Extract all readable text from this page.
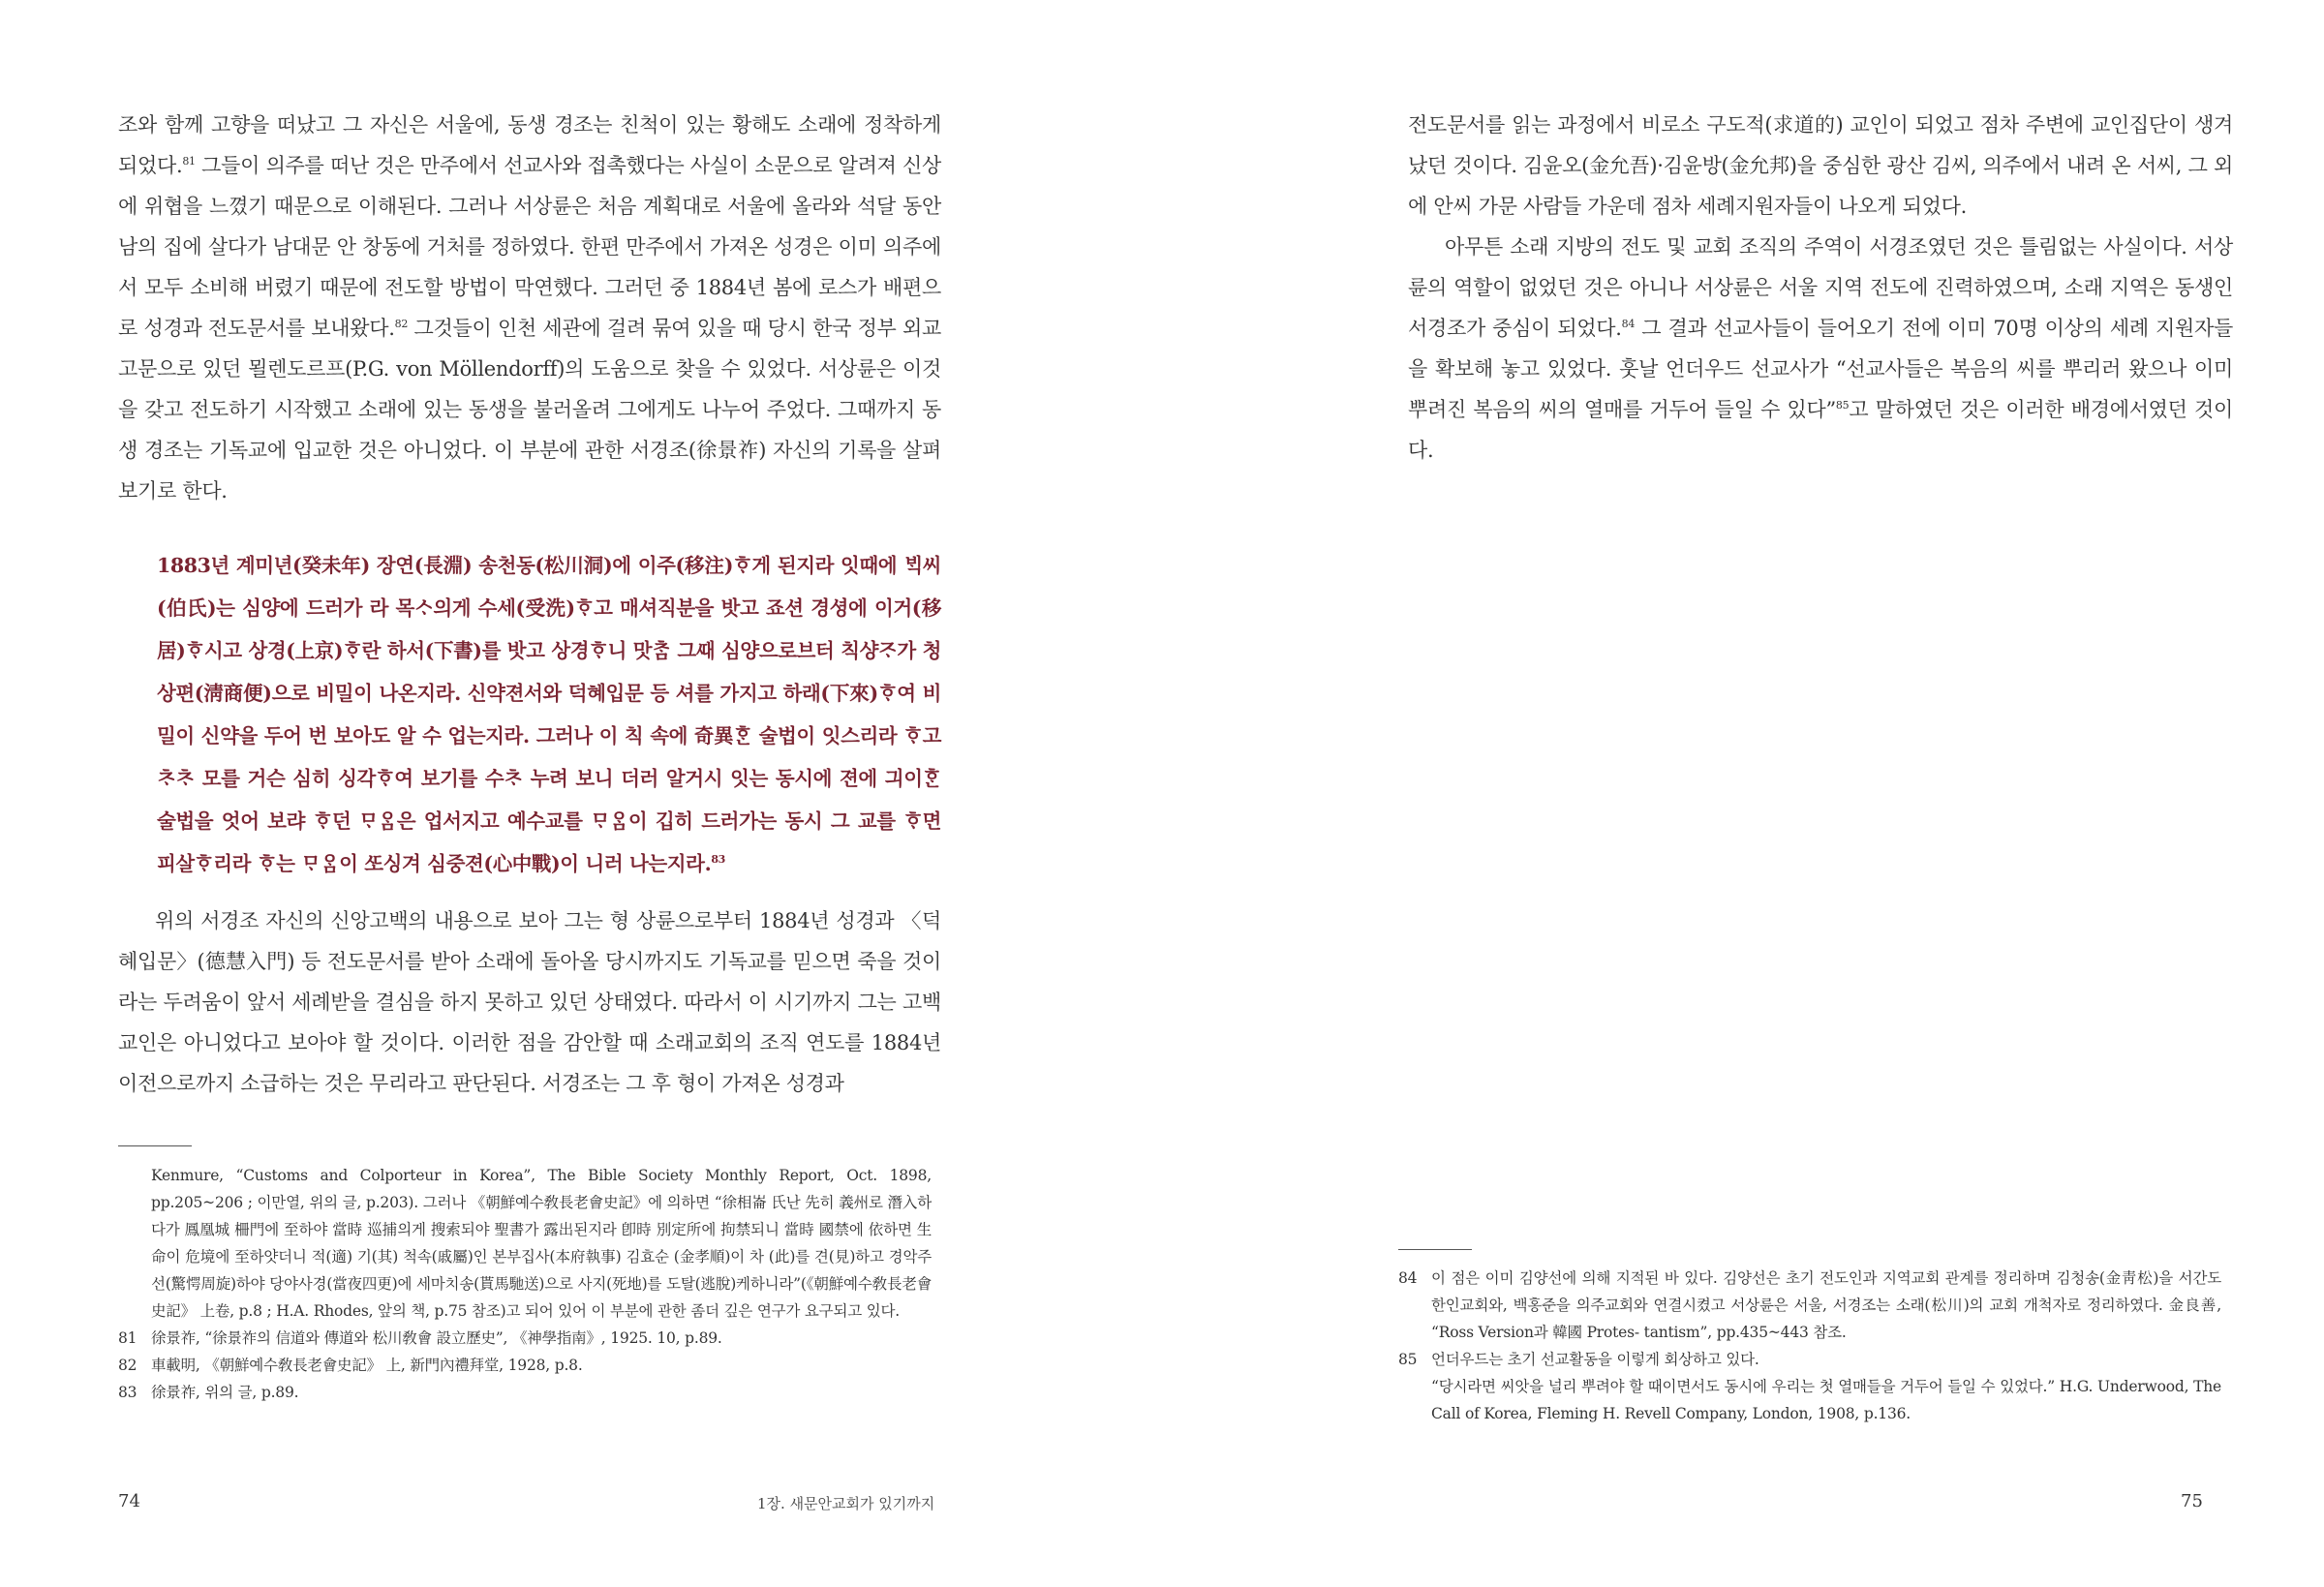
조와 함께 고향을 떠났고 그 자신은 서울에, 동생 경조는 친척이 있는 황해도 소래에 정착하게 되었다.$^{81}$ 그들이 의주를 떠난 것은 만주에서 선교사와 접촉했다는 사실이 소문으로 알려져 신상에 위협을 느꼈기 때문으로 이해된다. 그러나 서상륜은 처음 계획대로 서울에 올라와 석달 동안 남의 집에 살다가 남대문 안 창동에 거처를 정하였다. 한편 만주에서 가져온 성경은 이미 의주에서 모두 소비해 버렸기 때문에 전도할 방법이 막연했다. 그러던 중 1884년 봄에 로스가 배편으로 성경과 전도문서를 보내왔다.$^{82}$ 그것들이 인천 세관에 걸려 묶여 있을 때 당시 한국 정부 외교 고문으로 있던 묄렌도르프(P.G. von Möllendorff)의 도움으로 찾을 수 있었다. 서상륜은 이것을 갖고 전도하기 시작했고 소래에 있는 동생을 불러올려 그에게도 나누어 주었다. 그때까지 동생 경조는 기독교에 입교한 것은 아니었다. 이 부분에 관한 서경조(徐景祚) 자신의 기록을 살펴보기로 한다.

1883년 계미년(癸未年) 장연(長淵) 송천동(松川洞)에 이주(移注)ᄒᆞ게 된지라 잇때에 ᄇᆡᆨ씨(伯氏)는 심양에 드러가 라 목ᄉᆞ의게 수세(受洗)ᄒᆞ고 매셔직분을 밧고 죠션 경셩에 이거(移居)ᄒᆞ시고 상경(上京)ᄒᆞ란 하서(下書)를 밧고 상경ᄒᆞ니 맛ᄎᆞᆷ 그ᄯᅢ 심양으로브터 칙샹ᄌᆞ가 청상편(淸商便)으로 비밀이 나온지라. 신약젼서와 덕혜입문 등 셔를 가지고 하래(下來)ᄒᆞ여 비밀이 신약을 두어 번 보아도 알 수 업는지라. 그러나 이 칙 속에 奇異ᄒᆞᆫ 술법이 잇스리라 ᄒᆞ고 ᄎᆞᄎᆞ 모를 거슨 심히 싱각ᄒᆞ여 보기를 수ᄎᆞ 누려 보니 더러 알거시 잇는 동시에 젼에 긔이ᄒᆞᆫ 술법을 엇어 보랴 ᄒᆞ던 ᄆᆞᄋᆞᆷ은 업서지고 예수교를 ᄆᆞᄋᆞᆷ이 깁히 드러가는 동시 그 교를 ᄒᆞ면 피살ᄒᆞ리라 ᄒᆞ는 ᄆᆞᄋᆞᆷ이 ᄯᅩ싱겨 심중젼(心中戰)이 니러 나는지라.$^{83}$
위의 서경조 자신의 신앙고백의 내용으로 보아 그는 형 상륜으로부터 1884년 성경과 〈덕혜입문〉(德慧入門) 등 전도문서를 받아 소래에 돌아올 당시까지도 기독교를 믿으면 죽을 것이라는 두려움이 앞서 세례받을 결심을 하지 못하고 있던 상태였다. 따라서 이 시기까지 그는 고백 교인은 아니었다고 보아야 할 것이다. 이러한 점을 감안할 때 소래교회의 조직 연도를 1884년 이전으로까지 소급하는 것은 무리라고 판단된다. 서경조는 그 후 형이 가져온 성경과
Kenmure, “Customs and Colporteur in Korea”, The Bible Society Monthly Report, Oct. 1898, pp.205~206 ; 이만열, 위의 글, p.203). 그러나 《朝鮮예수敎長老會史記》에 의하면 “徐相崙 氏난 先히 義州로 潛入하다가 鳳凰城 柵門에 至하야 當時 巡捕의게 搜索되야 聖書가 露出된지라 卽時 別定所에 拘禁되니 當時 國禁에 依하면 生命이 危境에 至하얏더니 적(適) 기(其) 척속(戚屬)인 본부집사(本府執事) 김효순 (金孝順)이 차 (此)를 견(見)하고 경악주선(驚愕周旋)하야 당야사경(當夜四更)에 세마치송(貰馬馳送)으로 사지(死地)를 도탈(逃脫)케하니라”(《朝鮮예수敎長老會史記》 上卷, p.8 ; H.A. Rhodes, 앞의 책, p.75 참조)고 되어 있어 이 부분에 관한 좀더 깊은 연구가 요구되고 있다.
81 徐景祚, “徐景祚의 信道와 傳道와 松川敎會 設立歷史”, 《神學指南》, 1925. 10, p.89.
82 車載明, 《朝鮮예수敎長老會史記》 上, 新門內禮拜堂, 1928, p.8.
83 徐景祚, 위의 글, p.89.
74	1장. 새문안교회가 있기까지

전도문서를 읽는 과정에서 비로소 구도적(求道的) 교인이 되었고 점차 주변에 교인집단이 생겨났던 것이다. 김윤오(金允吾)·김윤방(金允邦)을 중심한 광산 김씨, 의주에서 내려 온 서씨, 그 외에 안씨 가문 사람들 가운데 점차 세례지원자들이 나오게 되었다.

아무튼 소래 지방의 전도 및 교회 조직의 주역이 서경조였던 것은 틀림없는 사실이다. 서상륜의 역할이 없었던 것은 아니나 서상륜은 서울 지역 전도에 진력하였으며, 소래 지역은 동생인 서경조가 중심이 되었다.$^{84}$ 그 결과 선교사들이 들어오기 전에 이미 70명 이상의 세례 지원자들을 확보해 놓고 있었다. 훗날 언더우드 선교사가 “선교사들은 복음의 씨를 뿌리러 왔으나 이미 뿌려진 복음의 씨의 열매를 거두어 들일 수 있다”$^{85}$고 말하였던 것은 이러한 배경에서였던 것이다.

84 이 점은 이미 김양선에 의해 지적된 바 있다. 김양선은 초기 전도인과 지역교회 관계를 정리하며 김청송(金靑松)을 서간도 한인교회와, 백홍준을 의주교회와 연결시켰고 서상륜은 서울, 서경조는 소래(松川)의 교회 개척자로 정리하였다. 金良善, “Ross Version과 韓國 Protes- tantism”, pp.435~443 참조.
85 언더우드는 초기 선교활동을 이렇게 회상하고 있다.
“당시라면 씨앗을 널리 뿌려야 할 때이면서도 동시에 우리는 첫 열매들을 거두어 들일 수 있었다.” H.G. Underwood, The Call of Korea, Fleming H. Revell Company, London, 1908, p.136.
75
